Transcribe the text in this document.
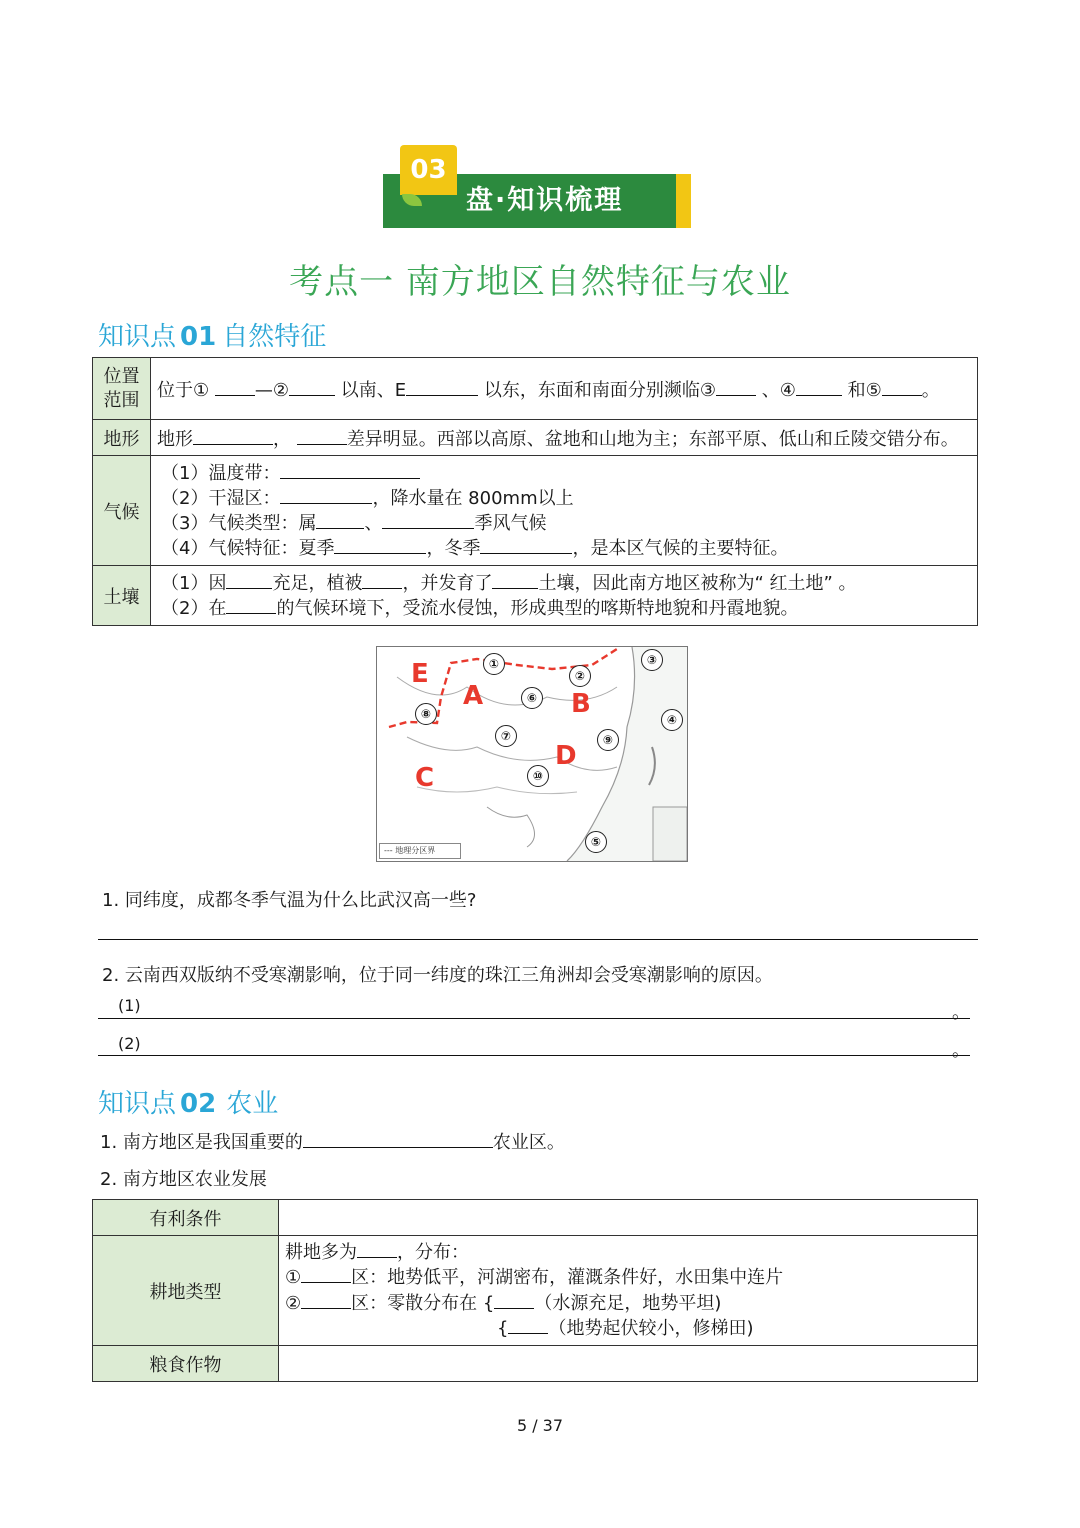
03
盘·知识梳理
考点一 南方地区自然特征与农业
知识点 01 自然特征
位置
范围	位于① —② 以南、E 以东，东面和南面分别濒临③ 、④ 和⑤ 。
地形	地形 ， 差异明显。西部以高原、盆地和山地为主；东部平原、低山和丘陵交错分布。
气候	（1）温度带：
（2）干湿区： ，降水量在 800mm以上
（3）气候类型：属 、 季风气候
（4）气候特征：夏季 ，冬季 ，是本区气候的主要特征。

土壤	（1）因 充足，植被 ，并发育了 土壤，因此南方地区被称为“ 红土地” 。
（2）在 的气候环境下，受流水侵蚀，形成典型的喀斯特地貌和丹霞地貌。
E
A	B
C
D
①
②
③
④
⑤
⑥
⑦
⑧
⑨
⑩
--- 地理分区界
1. 同纬度，成都冬季气温为什么比武汉高一些?
2. 云南西双版纳不受寒潮影响，位于同一纬度的珠江三角洲却会受寒潮影响的原因。
(1)	。
(2)	。
知识点 02 农业
1. 南方地区是我国重要的	农业区。
2. 南方地区农业发展
有利条件	
耕地类型	耕地多为 ，分布：
① 区：地势低平，河湖密布，灌溉条件好，水田集中连片
② 区：零散分布在 { （水源充足，地势平坦)
{ （地势起伏较小，修梯田)

粮食作物	
5 / 37
